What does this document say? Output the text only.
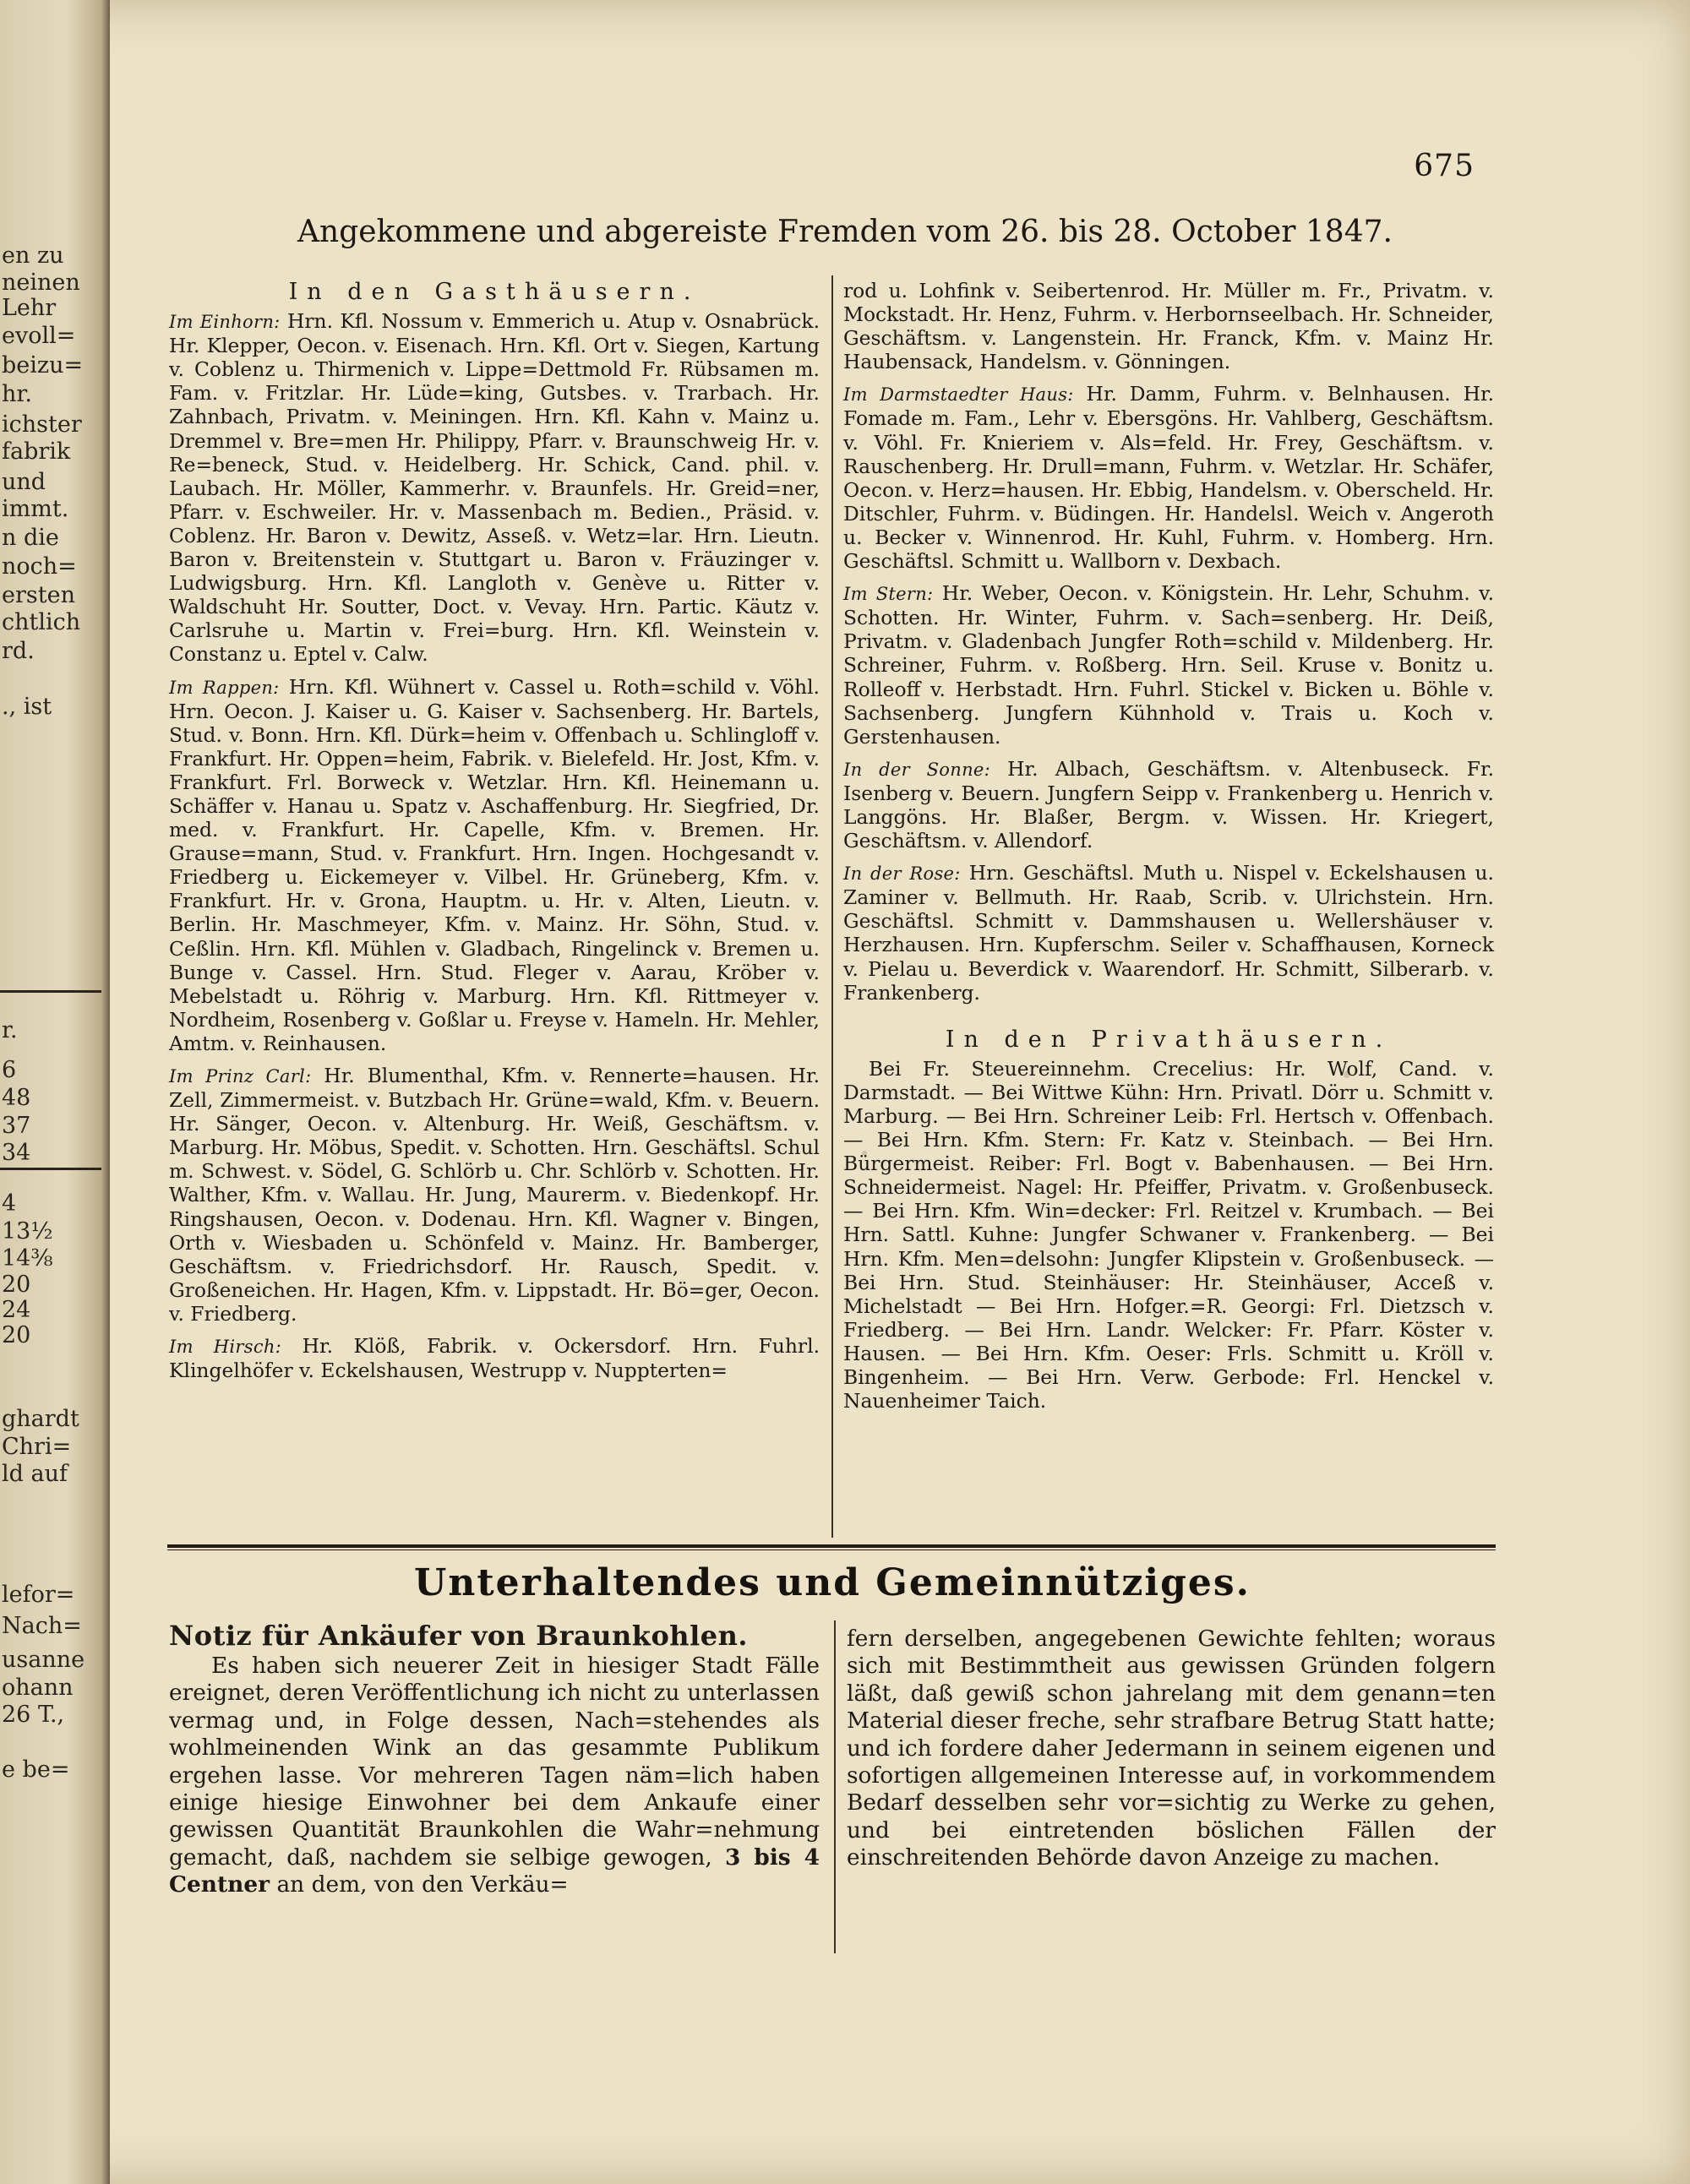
en zu
neinen
Lehr
evoll=
beizu=
hr.
ichster
fabrik
und
immt.
n die
noch=
ersten
chtlich
rd.
., ist
r.
6
48
37
34
4
13½
14⅜
20
24
20
ghardt
Chri=
ld auf
lefor=
Nach=
usanne
ohann
26 T.,
e be=
675
Angekommene und abgereiste Fremden vom 26. bis 28. October 1847.
In den Gasthäusern.
Im Einhorn: Hrn. Kfl. Nossum v. Emmerich u. Atup v. Osnabrück. Hr. Klepper, Oecon. v. Eisenach. Hrn. Kfl. Ort v. Siegen, Kartung v. Coblenz u. Thirmenich v. Lippe=Dettmold Fr. Rübsamen m. Fam. v. Fritzlar. Hr. Lüde=king, Gutsbes. v. Trarbach. Hr. Zahnbach, Privatm. v. Meiningen. Hrn. Kfl. Kahn v. Mainz u. Dremmel v. Bre=men Hr. Philippy, Pfarr. v. Braunschweig Hr. v. Re=beneck, Stud. v. Heidelberg. Hr. Schick, Cand. phil. v. Laubach. Hr. Möller, Kammerhr. v. Braunfels. Hr. Greid=ner, Pfarr. v. Eschweiler. Hr. v. Massenbach m. Bedien., Präsid. v. Coblenz. Hr. Baron v. Dewitz, Asseß. v. Wetz=lar. Hrn. Lieutn. Baron v. Breitenstein v. Stuttgart u. Baron v. Fräuzinger v. Ludwigsburg. Hrn. Kfl. Langloth v. Genève u. Ritter v. Waldschuht Hr. Soutter, Doct. v. Vevay. Hrn. Partic. Käutz v. Carlsruhe u. Martin v. Frei=burg. Hrn. Kfl. Weinstein v. Constanz u. Eptel v. Calw.
Im Rappen: Hrn. Kfl. Wühnert v. Cassel u. Roth=schild v. Vöhl. Hrn. Oecon. J. Kaiser u. G. Kaiser v. Sachsenberg. Hr. Bartels, Stud. v. Bonn. Hrn. Kfl. Dürk=heim v. Offenbach u. Schlingloff v. Frankfurt. Hr. Oppen=heim, Fabrik. v. Bielefeld. Hr. Jost, Kfm. v. Frankfurt. Frl. Borweck v. Wetzlar. Hrn. Kfl. Heinemann u. Schäffer v. Hanau u. Spatz v. Aschaffenburg. Hr. Siegfried, Dr. med. v. Frankfurt. Hr. Capelle, Kfm. v. Bremen. Hr. Grause=mann, Stud. v. Frankfurt. Hrn. Ingen. Hochgesandt v. Friedberg u. Eickemeyer v. Vilbel. Hr. Grüneberg, Kfm. v. Frankfurt. Hr. v. Grona, Hauptm. u. Hr. v. Alten, Lieutn. v. Berlin. Hr. Maschmeyer, Kfm. v. Mainz. Hr. Söhn, Stud. v. Ceßlin. Hrn. Kfl. Mühlen v. Gladbach, Ringelinck v. Bremen u. Bunge v. Cassel. Hrn. Stud. Fleger v. Aarau, Kröber v. Mebelstadt u. Röhrig v. Marburg. Hrn. Kfl. Rittmeyer v. Nordheim, Rosenberg v. Goßlar u. Freyse v. Hameln. Hr. Mehler, Amtm. v. Reinhausen.
Im Prinz Carl: Hr. Blumenthal, Kfm. v. Rennerte=hausen. Hr. Zell, Zimmermeist. v. Butzbach Hr. Grüne=wald, Kfm. v. Beuern. Hr. Sänger, Oecon. v. Altenburg. Hr. Weiß, Geschäftsm. v. Marburg. Hr. Möbus, Spedit. v. Schotten. Hrn. Geschäftsl. Schul m. Schwest. v. Södel, G. Schlörb u. Chr. Schlörb v. Schotten. Hr. Walther, Kfm. v. Wallau. Hr. Jung, Maurerm. v. Biedenkopf. Hr. Ringshausen, Oecon. v. Dodenau. Hrn. Kfl. Wagner v. Bingen, Orth v. Wiesbaden u. Schönfeld v. Mainz. Hr. Bamberger, Geschäftsm. v. Friedrichsdorf. Hr. Rausch, Spedit. v. Großeneichen. Hr. Hagen, Kfm. v. Lippstadt. Hr. Bö=ger, Oecon. v. Friedberg.
Im Hirsch: Hr. Klöß, Fabrik. v. Ockersdorf. Hrn. Fuhrl. Klingelhöfer v. Eckelshausen, Westrupp v. Nuppterten=
rod u. Lohfink v. Seibertenrod. Hr. Müller m. Fr., Privatm. v. Mockstadt. Hr. Henz, Fuhrm. v. Herbornseelbach. Hr. Schneider, Geschäftsm. v. Langenstein. Hr. Franck, Kfm. v. Mainz Hr. Haubensack, Handelsm. v. Gönningen.
Im Darmstaedter Haus: Hr. Damm, Fuhrm. v. Belnhausen. Hr. Fomade m. Fam., Lehr v. Ebersgöns. Hr. Vahlberg, Geschäftsm. v. Vöhl. Fr. Knieriem v. Als=feld. Hr. Frey, Geschäftsm. v. Rauschenberg. Hr. Drull=mann, Fuhrm. v. Wetzlar. Hr. Schäfer, Oecon. v. Herz=hausen. Hr. Ebbig, Handelsm. v. Oberscheld. Hr. Ditschler, Fuhrm. v. Büdingen. Hr. Handelsl. Weich v. Angeroth u. Becker v. Winnenrod. Hr. Kuhl, Fuhrm. v. Homberg. Hrn. Geschäftsl. Schmitt u. Wallborn v. Dexbach.
Im Stern: Hr. Weber, Oecon. v. Königstein. Hr. Lehr, Schuhm. v. Schotten. Hr. Winter, Fuhrm. v. Sach=senberg. Hr. Deiß, Privatm. v. Gladenbach Jungfer Roth=schild v. Mildenberg. Hr. Schreiner, Fuhrm. v. Roßberg. Hrn. Seil. Kruse v. Bonitz u. Rolleoff v. Herbstadt. Hrn. Fuhrl. Stickel v. Bicken u. Böhle v. Sachsenberg. Jungfern Kühnhold v. Trais u. Koch v. Gerstenhausen.
In der Sonne: Hr. Albach, Geschäftsm. v. Altenbuseck. Fr. Isenberg v. Beuern. Jungfern Seipp v. Frankenberg u. Henrich v. Langgöns. Hr. Blaßer, Bergm. v. Wissen. Hr. Kriegert, Geschäftsm. v. Allendorf.
In der Rose: Hrn. Geschäftsl. Muth u. Nispel v. Eckelshausen u. Zaminer v. Bellmuth. Hr. Raab, Scrib. v. Ulrichstein. Hrn. Geschäftsl. Schmitt v. Dammshausen u. Wellershäuser v. Herzhausen. Hrn. Kupferschm. Seiler v. Schaffhausen, Korneck v. Pielau u. Beverdick v. Waarendorf. Hr. Schmitt, Silberarb. v. Frankenberg.
In den Privathäusern.
Bei Fr. Steuereinnehm. Crecelius: Hr. Wolf, Cand. v. Darmstadt. — Bei Wittwe Kühn: Hrn. Privatl. Dörr u. Schmitt v. Marburg. — Bei Hrn. Schreiner Leib: Frl. Hertsch v. Offenbach. — Bei Hrn. Kfm. Stern: Fr. Katz v. Steinbach. — Bei Hrn. Bürgermeist. Reiber: Frl. Bogt v. Babenhausen. — Bei Hrn. Schneidermeist. Nagel: Hr. Pfeiffer, Privatm. v. Großenbuseck. — Bei Hrn. Kfm. Win=decker: Frl. Reitzel v. Krumbach. — Bei Hrn. Sattl. Kuhne: Jungfer Schwaner v. Frankenberg. — Bei Hrn. Kfm. Men=delsohn: Jungfer Klipstein v. Großenbuseck. — Bei Hrn. Stud. Steinhäuser: Hr. Steinhäuser, Acceß v. Michelstadt — Bei Hrn. Hofger.=R. Georgi: Frl. Dietzsch v. Friedberg. — Bei Hrn. Landr. Welcker: Fr. Pfarr. Köster v. Hausen. — Bei Hrn. Kfm. Oeser: Frls. Schmitt u. Kröll v. Bingenheim. — Bei Hrn. Verw. Gerbode: Frl. Henckel v. Nauenheimer Taich.
Unterhaltendes und Gemeinnütziges.
Notiz für Ankäufer von Braunkohlen.
Es haben sich neuerer Zeit in hiesiger Stadt Fälle ereignet, deren Veröffentlichung ich nicht zu unterlassen vermag und, in Folge dessen, Nach=stehendes als wohlmeinenden Wink an das gesammte Publikum ergehen lasse. Vor mehreren Tagen näm=lich haben einige hiesige Einwohner bei dem Ankaufe einer gewissen Quantität Braunkohlen die Wahr=nehmung gemacht, daß, nachdem sie selbige gewogen, 3 bis 4 Centner an dem, von den Verkäu=
fern derselben, angegebenen Gewichte fehlten; woraus sich mit Bestimmtheit aus gewissen Gründen folgern läßt, daß gewiß schon jahrelang mit dem genann=ten Material dieser freche, sehr strafbare Betrug Statt hatte; und ich fordere daher Jedermann in seinem eigenen und sofortigen allgemeinen Interesse auf, in vorkommendem Bedarf desselben sehr vor=sichtig zu Werke zu gehen, und bei eintretenden böslichen Fällen der einschreitenden Behörde davon Anzeige zu machen.
